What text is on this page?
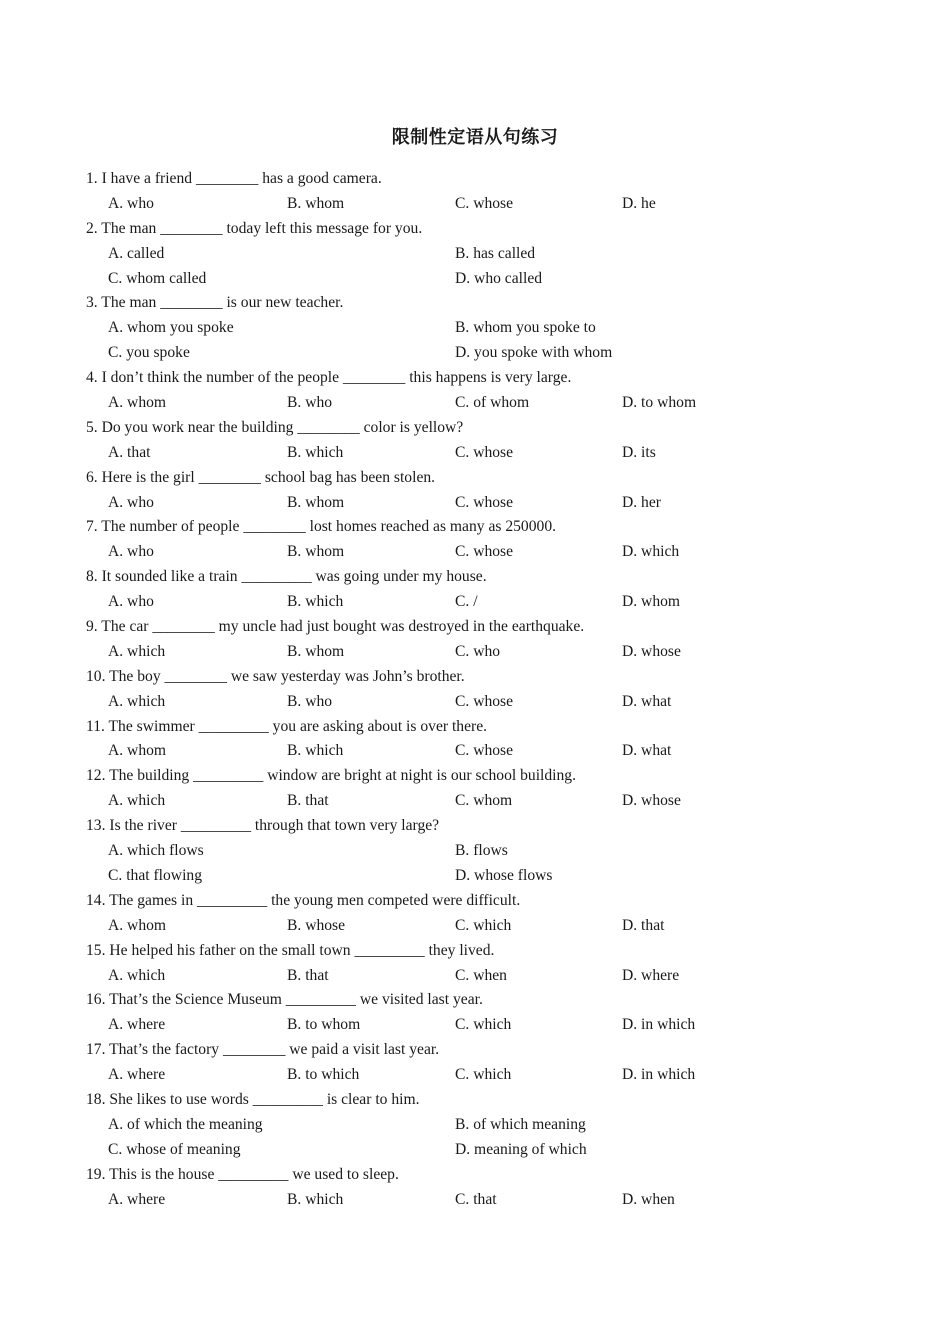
限制性定语从句练习
1. I have a friend ________ has a good camera.
A. who	B. whom	C. whose	D. he
2. The man ________ today left this message for you.
A. called	B. has called
C. whom called	D. who called
3. The man ________ is our new teacher.
A. whom you spoke	B. whom you spoke to
C. you spoke	D. you spoke with whom
4. I don’t think the number of the people ________ this happens is very large.
A. whom	B. who	C. of whom	D. to whom
5. Do you work near the building ________ color is yellow?
A. that	B. which	C. whose	D. its
6. Here is the girl ________ school bag has been stolen.
A. who	B. whom	C. whose	D. her
7. The number of people ________ lost homes reached as many as 250000.
A. who	B. whom	C. whose	D. which
8. It sounded like a train _________ was going under my house.
A. who	B. which	C. /	D. whom
9. The car ________ my uncle had just bought was destroyed in the earthquake.
A. which	B. whom	C. who	D. whose
10. The boy ________ we saw yesterday was John’s brother.
A. which	B. who	C. whose	D. what
11. The swimmer _________ you are asking about is over there.
A. whom	B. which	C. whose	D. what
12. The building _________ window are bright at night is our school building.
A. which	B. that	C. whom	D. whose
13. Is the river _________ through that town very large?
A. which flows	B. flows
C. that flowing	D. whose flows
14. The games in _________ the young men competed were difficult.
A. whom	B. whose	C. which	D. that
15. He helped his father on the small town _________ they lived.
A. which	B. that	C. when	D. where
16. That’s the Science Museum _________ we visited last year.
A. where	B. to whom	C. which	D. in which
17. That’s the factory ________ we paid a visit last year.
A. where	B. to which	C. which	D. in which
18. She likes to use words _________ is clear to him.
A. of which the meaning	B. of which meaning
C. whose of meaning	D. meaning of which
19. This is the house _________ we used to sleep.
A. where	B. which	C. that	D. when
